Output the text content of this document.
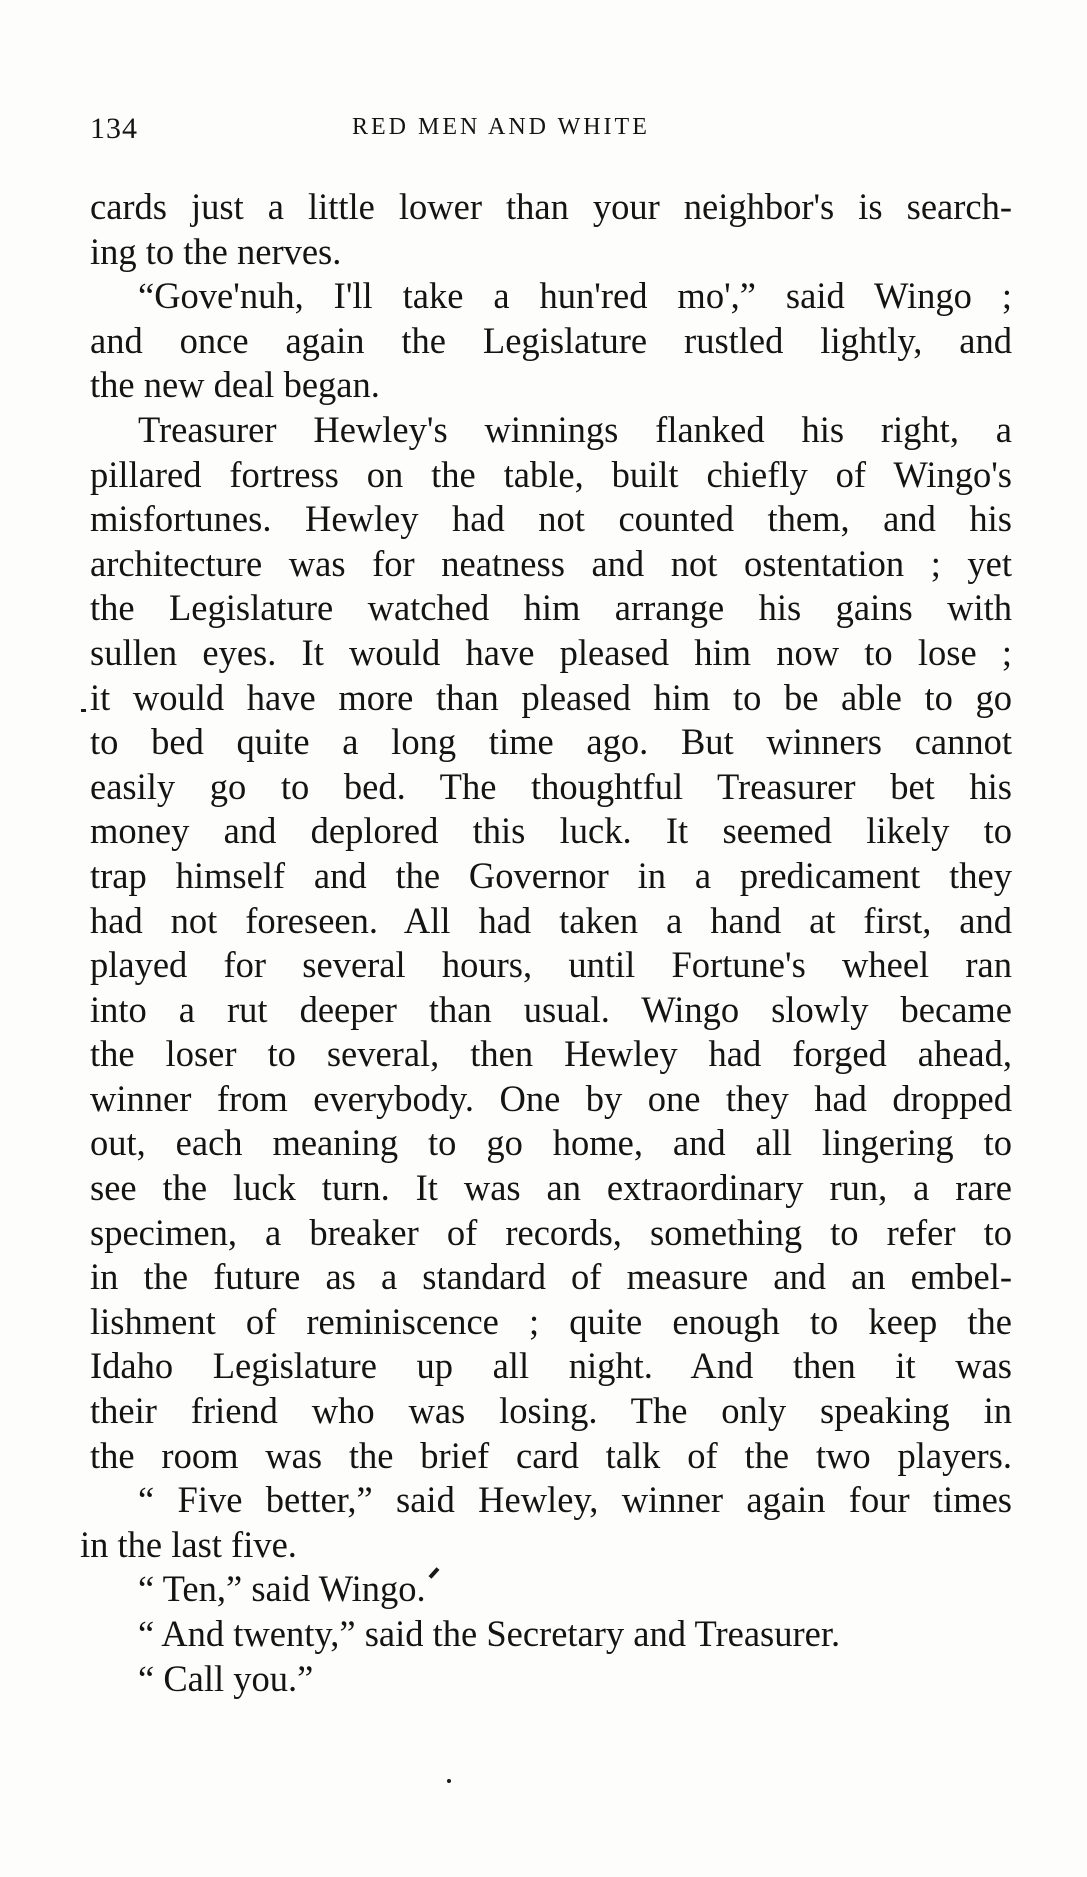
134	RED MEN AND WHITE
cards just a little lower than your neighbor's is search-
ing to the nerves.
“Gove'nuh, I'll take a hun'red mo',” said Wingo ;
and once again the Legislature rustled lightly, and
the new deal began.
Treasurer Hewley's winnings flanked his right, a
pillared fortress on the table, built chiefly of Wingo's
misfortunes. Hewley had not counted them, and his
architecture was for neatness and not ostentation ; yet
the Legislature watched him arrange his gains with
sullen eyes. It would have pleased him now to lose ;
it would have more than pleased him to be able to go
to bed quite a long time ago. But winners cannot
easily go to bed. The thoughtful Treasurer bet his
money and deplored this luck. It seemed likely to
trap himself and the Governor in a predicament they
had not foreseen. All had taken a hand at first, and
played for several hours, until Fortune's wheel ran
into a rut deeper than usual. Wingo slowly became
the loser to several, then Hewley had forged ahead,
winner from everybody. One by one they had dropped
out, each meaning to go home, and all lingering to
see the luck turn. It was an extraordinary run, a rare
specimen, a breaker of records, something to refer to
in the future as a standard of measure and an embel-
lishment of reminiscence ; quite enough to keep the
Idaho Legislature up all night. And then it was
their friend who was losing. The only speaking in
the room was the brief card talk of the two players.
“ Five better,” said Hewley, winner again four times
in the last five.
“ Ten,” said Wingo.
“ And twenty,” said the Secretary and Treasurer.
“ Call you.”
